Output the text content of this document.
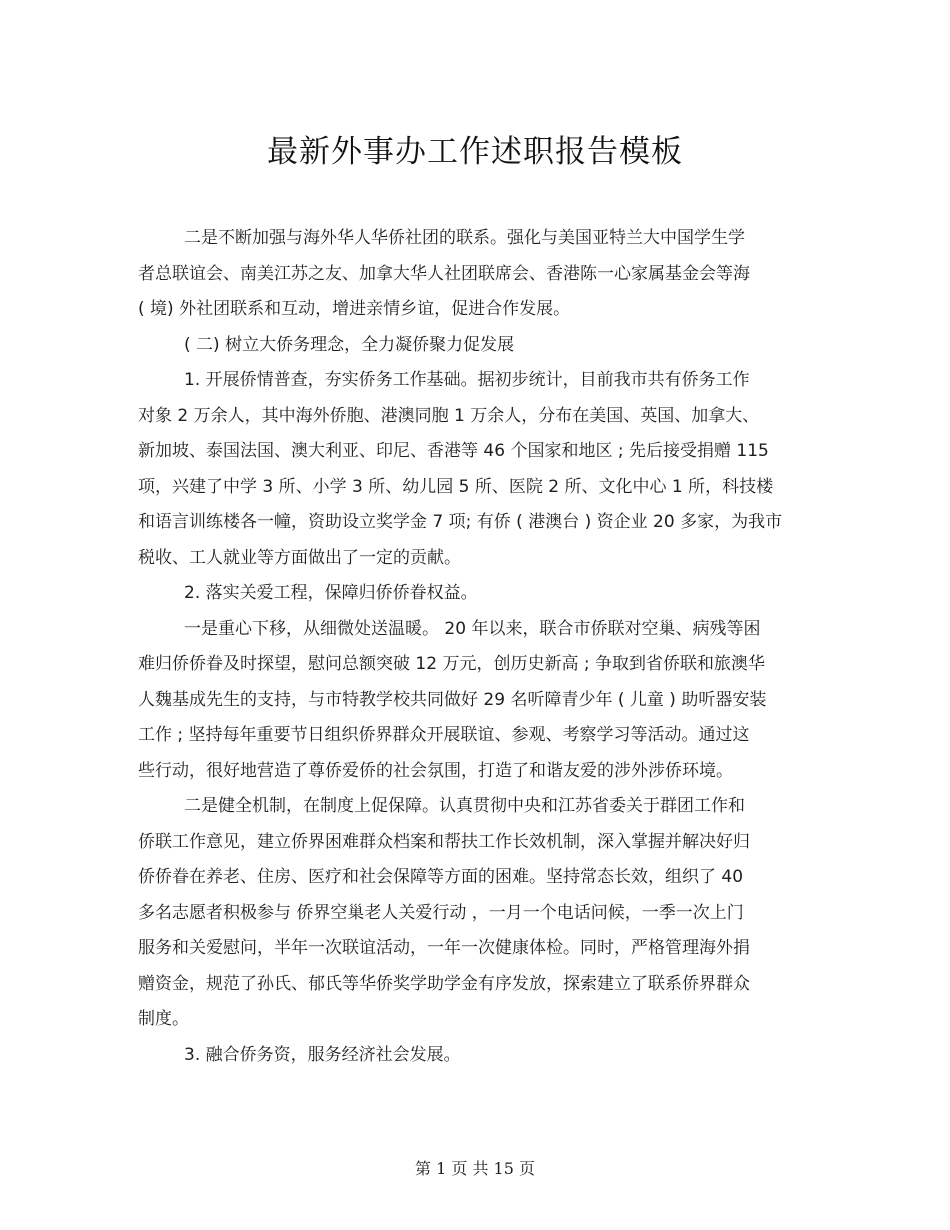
最新外事办工作述职报告模板
二是不断加强与海外华人华侨社团的联系。强化与美国亚特兰大中国学生学
者总联谊会、南美江苏之友、加拿大华人社团联席会、香港陈一心家属基金会等海
( 境) 外社团联系和互动，增进亲情乡谊，促进合作发展。
( 二) 树立大侨务理念，全力凝侨聚力促发展
1. 开展侨情普查，夯实侨务工作基础。据初步统计，目前我市共有侨务工作
对象 2 万余人，其中海外侨胞、港澳同胞 1 万余人，分布在美国、英国、加拿大、
新加坡、泰国法国、澳大利亚、印尼、香港等 46 个国家和地区 ; 先后接受捐赠 115
项，兴建了中学 3 所、小学 3 所、幼儿园 5 所、医院 2 所、文化中心 1 所，科技楼
和语言训练楼各一幢，资助设立奖学金 7 项; 有侨 ( 港澳台 ) 资企业 20 多家，为我市
税收、工人就业等方面做出了一定的贡献。
2. 落实关爱工程，保障归侨侨眷权益。
一是重心下移，从细微处送温暖。 20 年以来，联合市侨联对空巢、病残等困
难归侨侨眷及时探望，慰问总额突破 12 万元，创历史新高 ; 争取到省侨联和旅澳华
人魏基成先生的支持，与市特教学校共同做好 29 名听障青少年 ( 儿童 ) 助听器安装
工作 ; 坚持每年重要节日组织侨界群众开展联谊、参观、考察学习等活动。通过这
些行动，很好地营造了尊侨爱侨的社会氛围，打造了和谐友爱的涉外涉侨环境。
二是健全机制，在制度上促保障。认真贯彻中央和江苏省委关于群团工作和
侨联工作意见，建立侨界困难群众档案和帮扶工作长效机制，深入掌握并解决好归
侨侨眷在养老、住房、医疗和社会保障等方面的困难。坚持常态长效，组织了 40
多名志愿者积极参与 侨界空巢老人关爱行动 ，一月一个电话问候，一季一次上门
服务和关爱慰问，半年一次联谊活动，一年一次健康体检。同时，严格管理海外捐
赠资金，规范了孙氏、郁氏等华侨奖学助学金有序发放，探索建立了联系侨界群众
制度。
3. 融合侨务资，服务经济社会发展。
第 1 页 共 15 页
